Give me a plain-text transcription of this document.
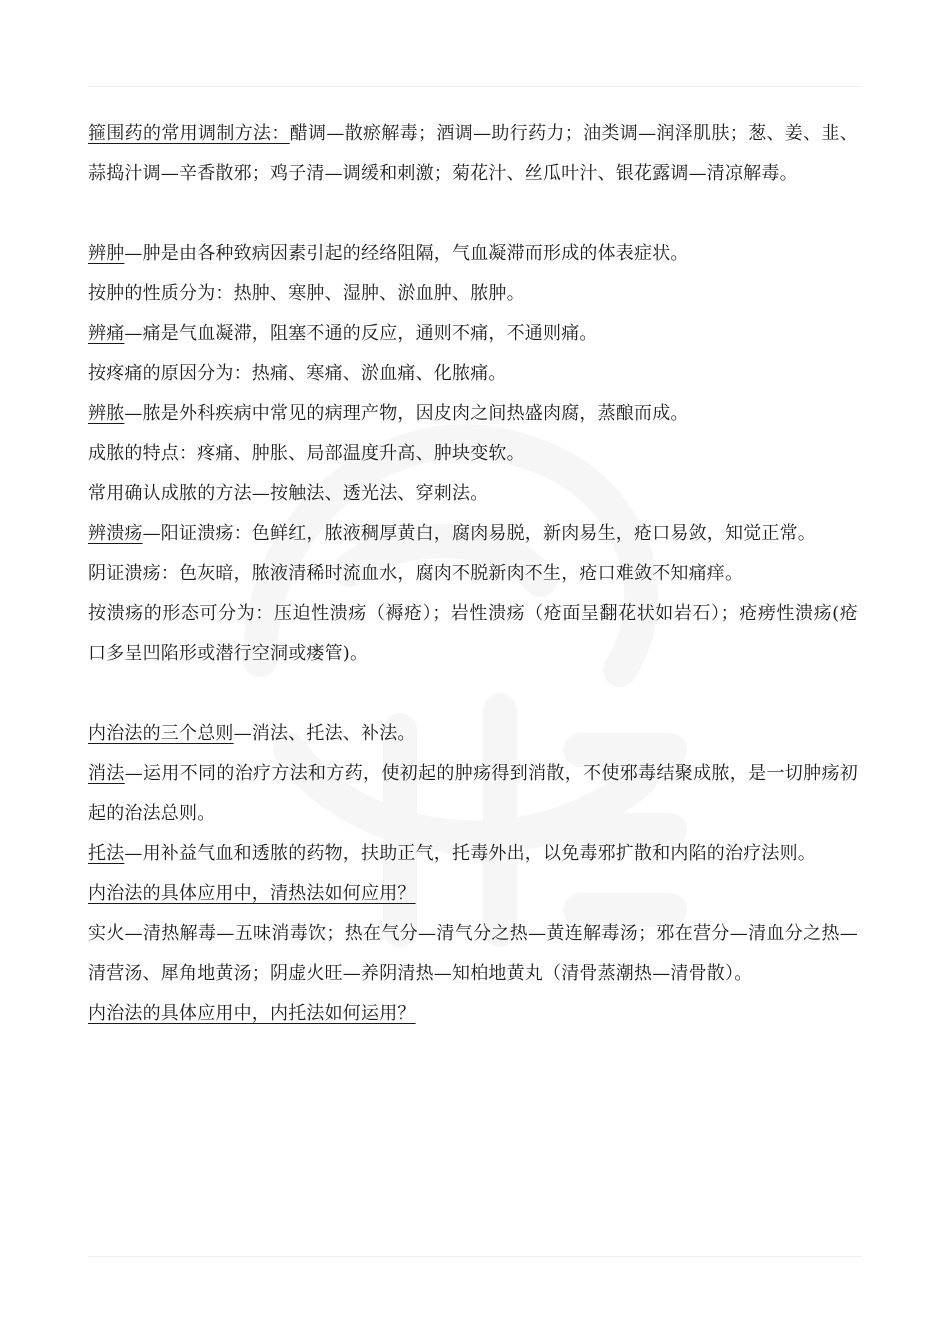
箍围药的常用调制方法：醋调—散瘀解毒；酒调—助行药力；油类调—润泽肌肤；葱、姜、韭、蒜捣汁调—辛香散邪；鸡子清—调缓和刺激；菊花汁、丝瓜叶汁、银花露调—清凉解毒。

辨肿—肿是由各种致病因素引起的经络阻隔，气血凝滞而形成的体表症状。

按肿的性质分为：热肿、寒肿、湿肿、淤血肿、脓肿。

辨痛—痛是气血凝滞，阻塞不通的反应，通则不痛，不通则痛。

按疼痛的原因分为：热痛、寒痛、淤血痛、化脓痛。

辨脓—脓是外科疾病中常见的病理产物，因皮肉之间热盛肉腐，蒸酿而成。

成脓的特点：疼痛、肿胀、局部温度升高、肿块变软。

常用确认成脓的方法—按触法、透光法、穿刺法。

辨溃疡—阳证溃疡：色鲜红，脓液稠厚黄白，腐肉易脱，新肉易生，疮口易敛，知觉正常。

阴证溃疡：色灰暗，脓液清稀时流血水，腐肉不脱新肉不生，疮口难敛不知痛痒。

按溃疡的形态可分为：压迫性溃疡（褥疮）；岩性溃疡（疮面呈翻花状如岩石）；疮痨性溃疡(疮口多呈凹陷形或潜行空洞或瘘管)。

内治法的三个总则—消法、托法、补法。

消法—运用不同的治疗方法和方药，使初起的肿疡得到消散，不使邪毒结聚成脓，是一切肿疡初起的治法总则。

托法—用补益气血和透脓的药物，扶助正气，托毒外出，以免毒邪扩散和内陷的治疗法则。

内治法的具体应用中，清热法如何应用？

实火—清热解毒—五味消毒饮；热在气分—清气分之热—黄连解毒汤；邪在营分—清血分之热—清营汤、犀角地黄汤；阴虚火旺—养阴清热—知柏地黄丸（清骨蒸潮热—清骨散）。

内治法的具体应用中，内托法如何运用？
